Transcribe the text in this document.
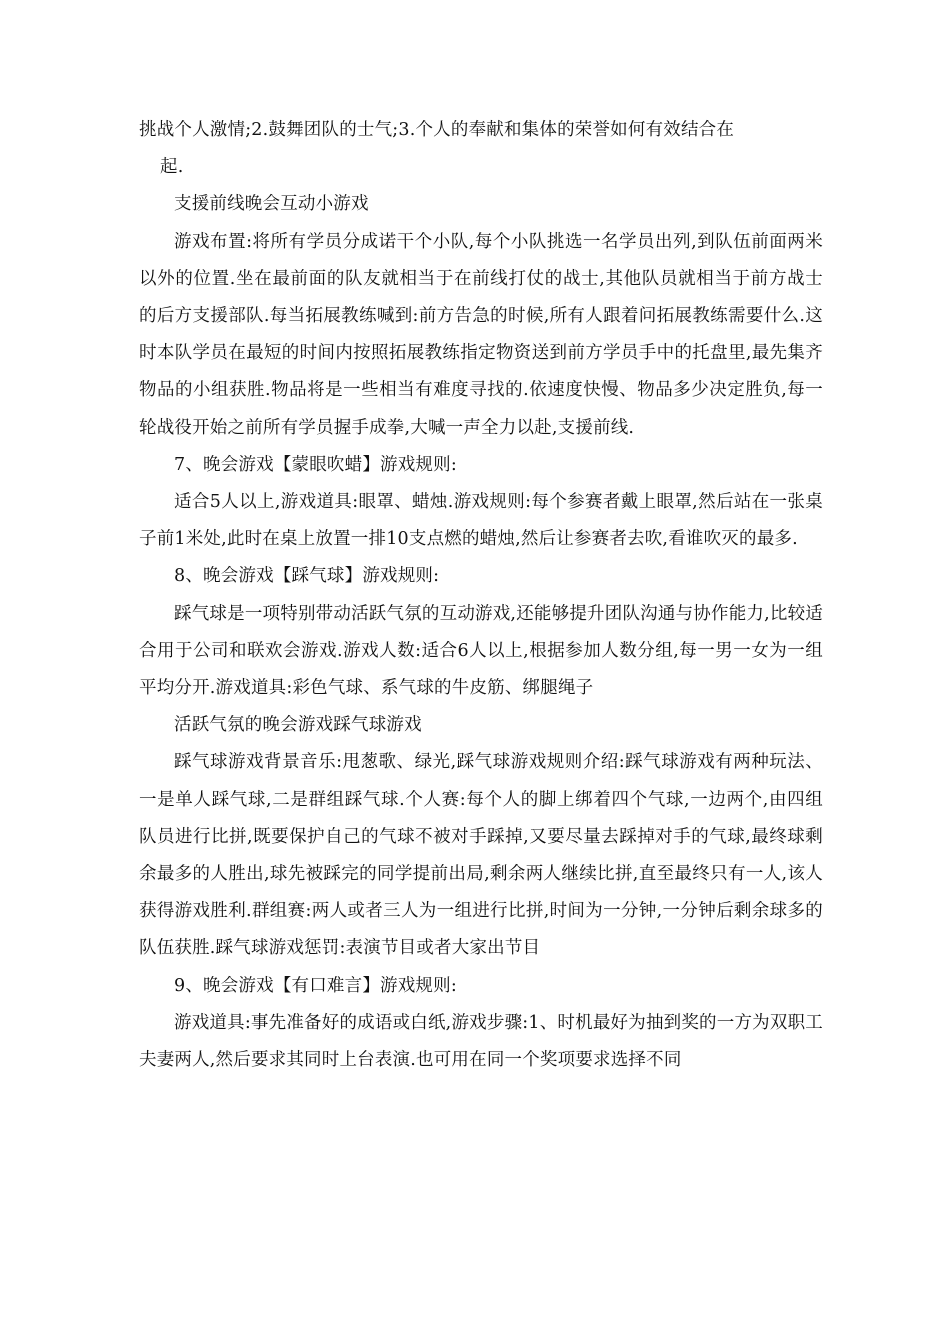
挑战个人激情;2.鼓舞团队的士气;3.个人的奉献和集体的荣誉如何有效结合在

起.

支援前线晚会互动小游戏

游戏布置:将所有学员分成诺干个小队,每个小队挑选一名学员出列,到队伍前面两米以外的位置.坐在最前面的队友就相当于在前线打仗的战士,其他队员就相当于前方战士的后方支援部队.每当拓展教练喊到:前方告急的时候,所有人跟着问拓展教练需要什么.这时本队学员在最短的时间内按照拓展教练指定物资送到前方学员手中的托盘里,最先集齐物品的小组获胜.物品将是一些相当有难度寻找的.依速度快慢、物品多少决定胜负,每一轮战役开始之前所有学员握手成拳,大喊一声全力以赴,支援前线.

7、晚会游戏【蒙眼吹蜡】游戏规则:

适合5人以上,游戏道具:眼罩、蜡烛.游戏规则:每个参赛者戴上眼罩,然后站在一张桌子前1米处,此时在桌上放置一排10支点燃的蜡烛,然后让参赛者去吹,看谁吹灭的最多.

8、晚会游戏【踩气球】游戏规则:

踩气球是一项特别带动活跃气氛的互动游戏,还能够提升团队沟通与协作能力,比较适合用于公司和联欢会游戏.游戏人数:适合6人以上,根据参加人数分组,每一男一女为一组平均分开.游戏道具:彩色气球、系气球的牛皮筋、绑腿绳子

活跃气氛的晚会游戏踩气球游戏

踩气球游戏背景音乐:甩葱歌、绿光,踩气球游戏规则介绍:踩气球游戏有两种玩法、一是单人踩气球,二是群组踩气球.个人赛:每个人的脚上绑着四个气球,一边两个,由四组队员进行比拼,既要保护自己的气球不被对手踩掉,又要尽量去踩掉对手的气球,最终球剩余最多的人胜出,球先被踩完的同学提前出局,剩余两人继续比拼,直至最终只有一人,该人获得游戏胜利.群组赛:两人或者三人为一组进行比拼,时间为一分钟,一分钟后剩余球多的队伍获胜.踩气球游戏惩罚:表演节目或者大家出节目

9、晚会游戏【有口难言】游戏规则:

游戏道具:事先准备好的成语或白纸,游戏步骤:1、时机最好为抽到奖的一方为双职工夫妻两人,然后要求其同时上台表演.也可用在同一个奖项要求选择不同
